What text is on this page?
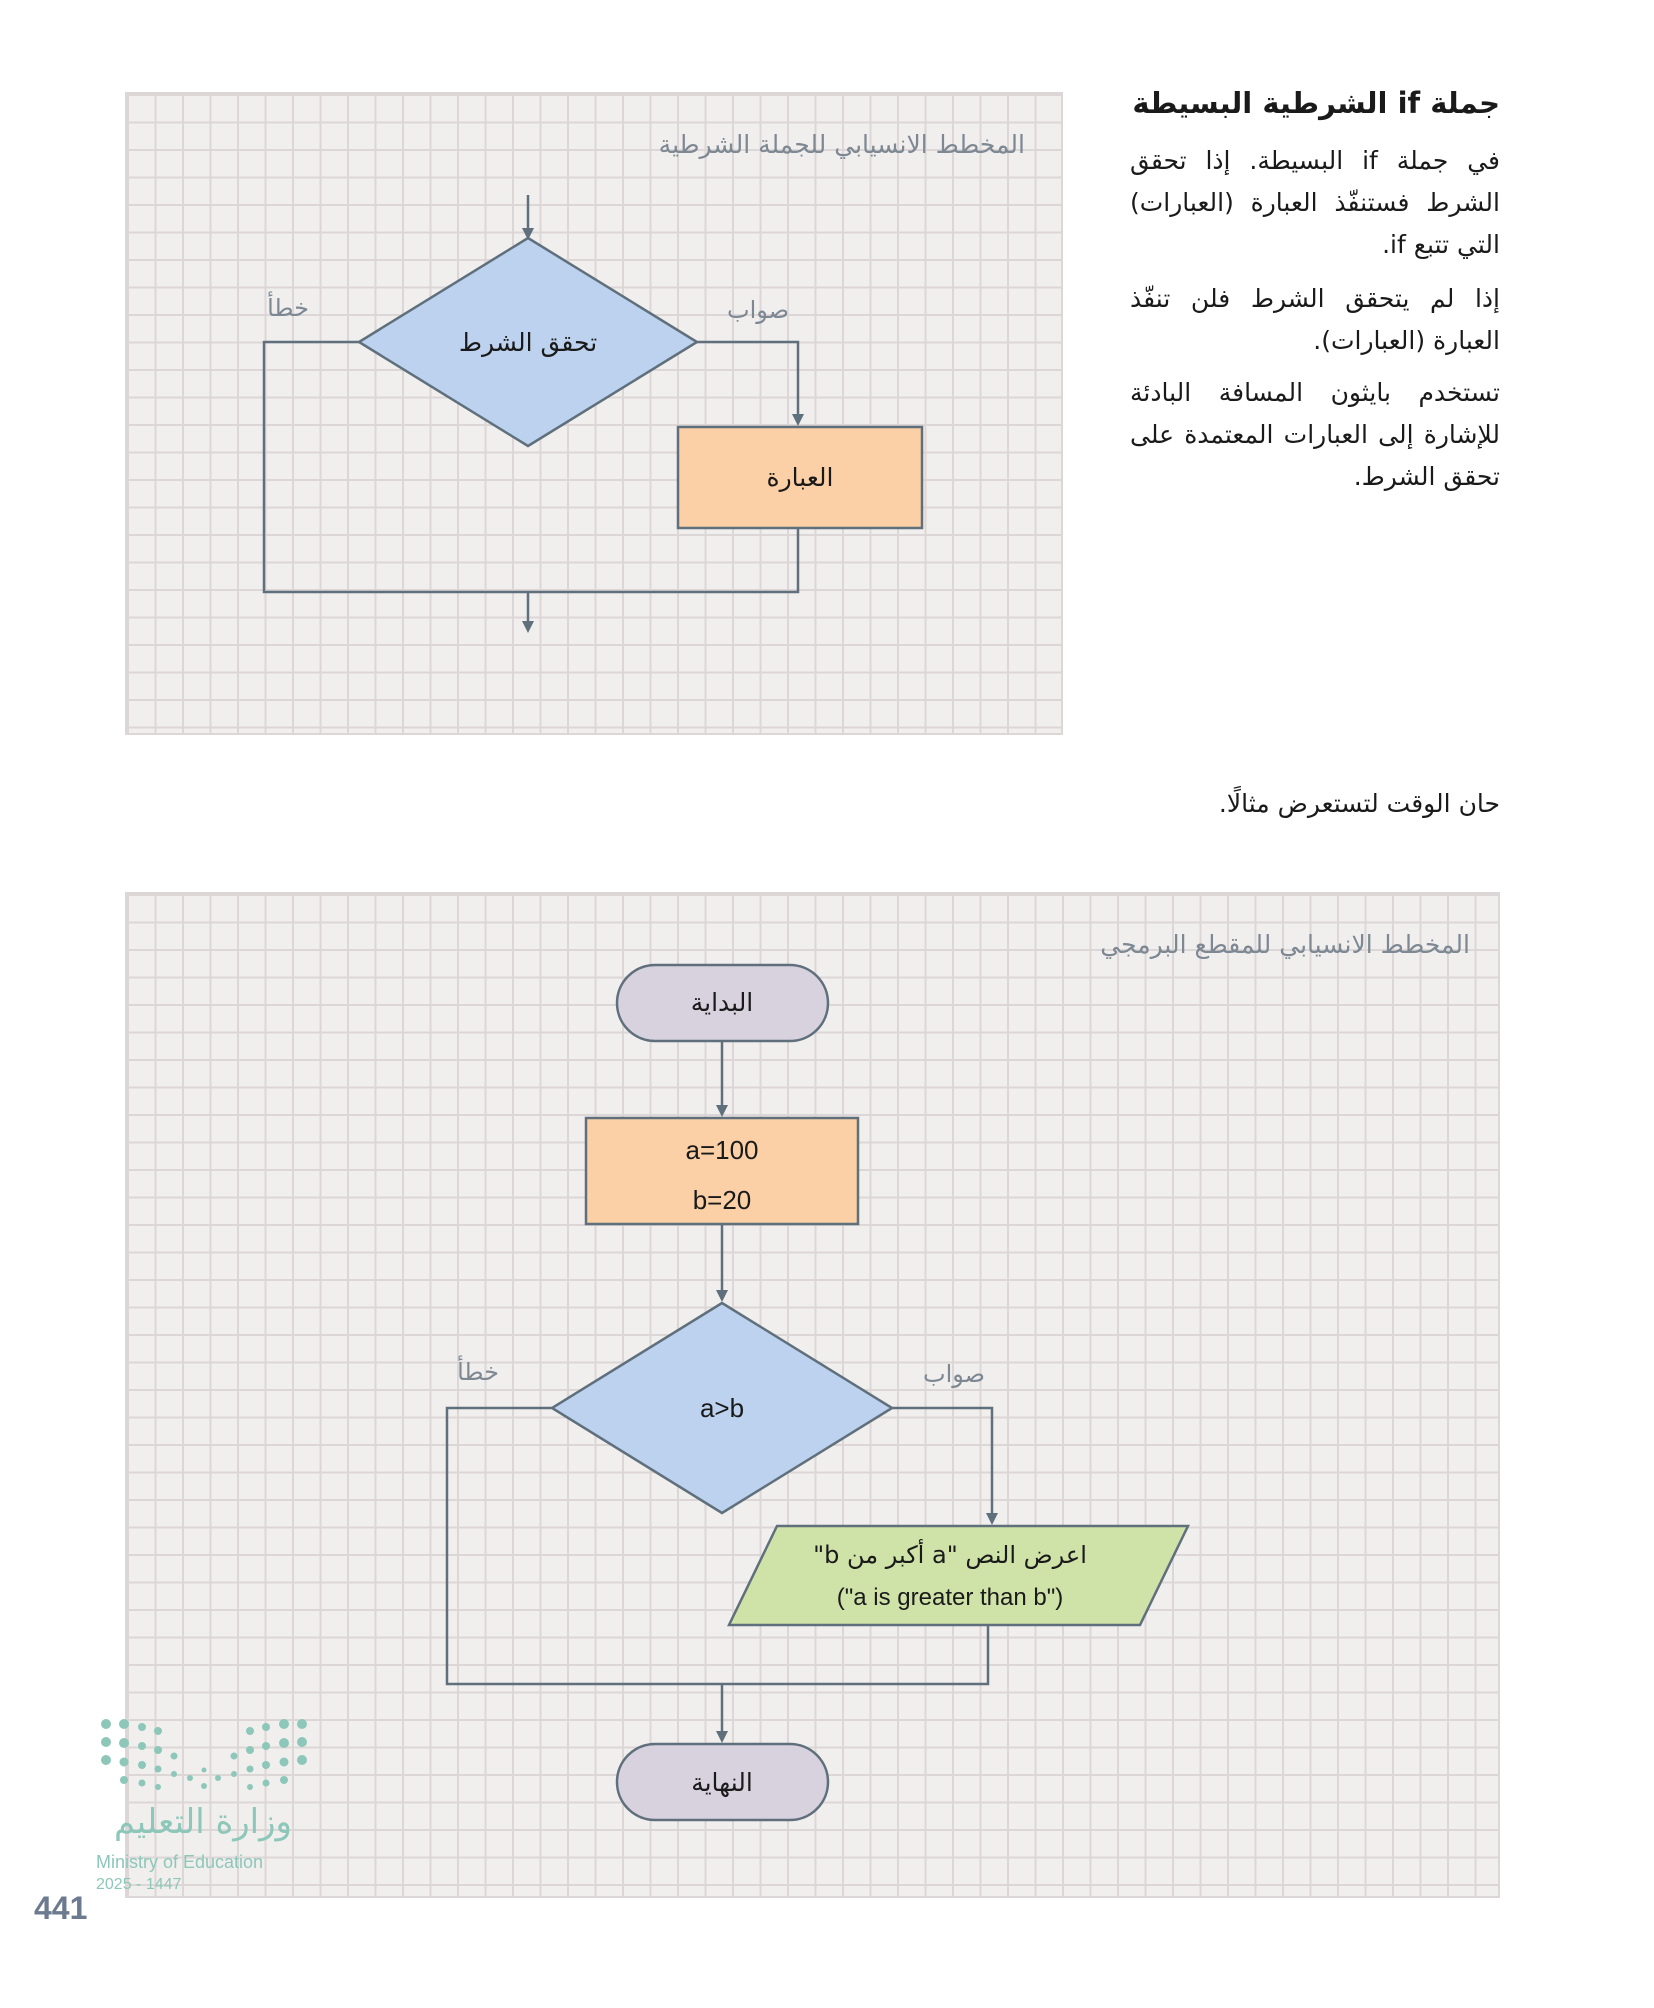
المخطط الانسيابي للجملة الشرطية
المخطط الانسيابي للمقطع البرمجي
تحقق الشرط
العبارة
صواب
خطأ
البداية
a=100
b=20
a>b
صواب
خطأ
اعرض النص "a أكبر من b"
("a is greater than b")
النهاية
جملة if الشرطية البسيطة
في جملة if البسيطة. إذا تحقق الشرط فستنفّذ العبارة (العبارات) التي تتبع if.
إذا لم يتحقق الشرط فلن تنفّذ العبارة (العبارات).
تستخدم بايثون المسافة البادئة للإشارة إلى العبارات المعتمدة على تحقق الشرط.
حان الوقت لتستعرض مثالًا.
وزارة التعليم
Ministry of Education
2025 - 1447
441
